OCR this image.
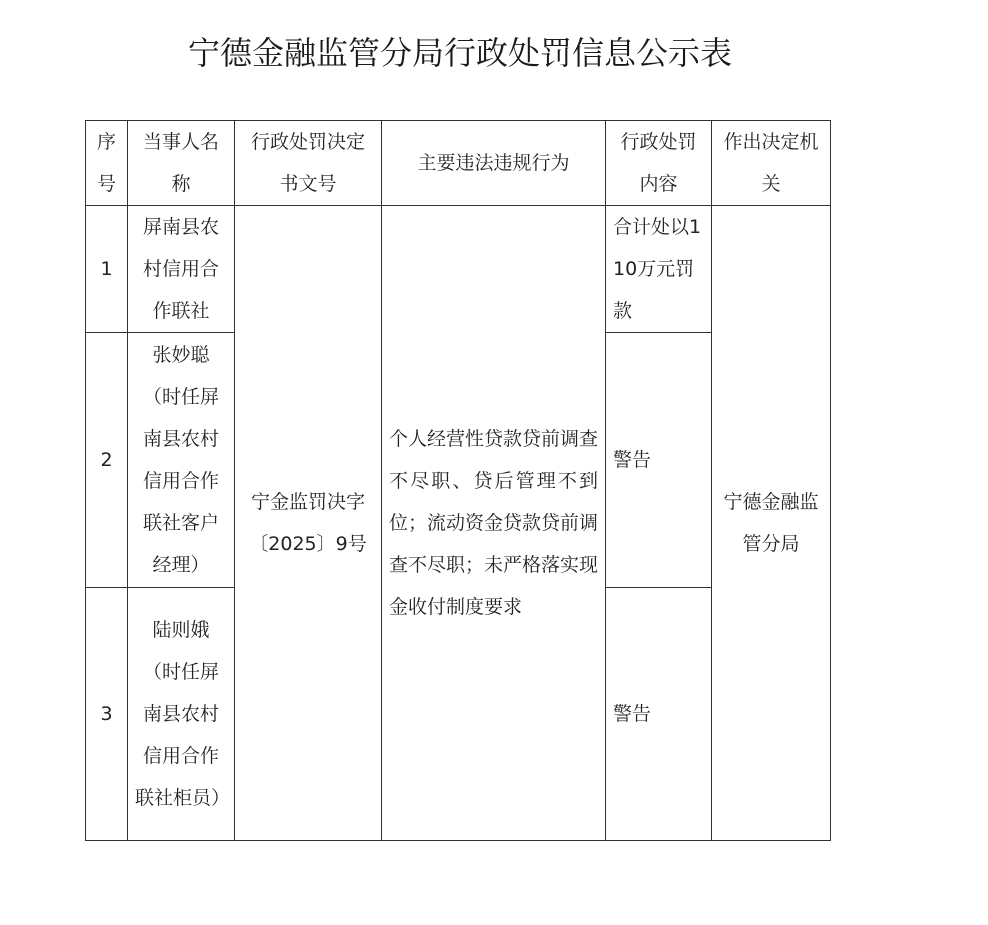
宁德金融监管分局行政处罚信息公示表
序号	当事人名称	行政处罚决定书文号	主要违法违规行为	行政处罚内容	作出决定机关
1	屏南县农村信用合作联社	宁金监罚决字〔2025〕9号	个人经营性贷款贷前调查不尽职、贷后管理不到位；流动资金贷款贷前调查不尽职；未严格落实现金收付制度要求	合计处以110万元罚款	宁德金融监管分局
2	张妙聪（时任屏南县农村信用合作联社客户经理）			警告	
3	陆则娥（时任屏南县农村信用合作联社柜员）			警告	
